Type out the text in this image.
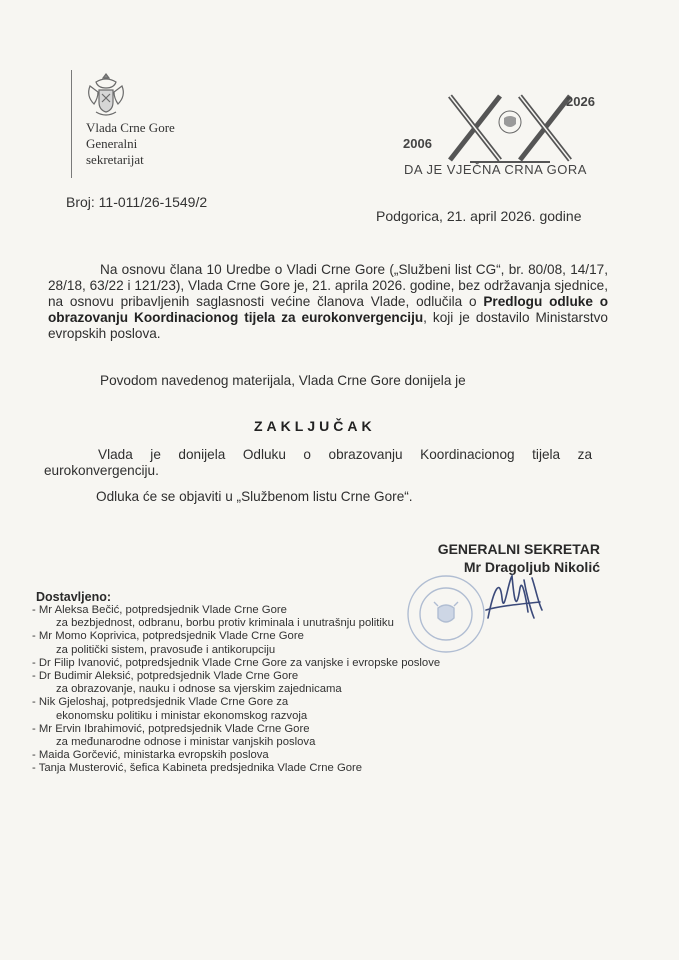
Vlada Crne Gore
Generalni
sekretarijat
2026
2006
DA JE VJEČNA CRNA GORA
Broj: 11-011/26-1549/2
Podgorica, 21. april 2026. godine
Na osnovu člana 10 Uredbe o Vladi Crne Gore („Službeni list CG“, br. 80/08, 14/17, 28/18, 63/22 i 121/23), Vlada Crne Gore je, 21. aprila 2026. godine, bez održavanja sjednice, na osnovu pribavljenih saglasnosti većine članova Vlade, odlučila o Predlogu odluke o obrazovanju Koordinacionog tijela za eurokonvergenciju, koji je dostavilo Ministarstvo evropskih poslova.
Povodom navedenog materijala, Vlada Crne Gore donijela je
ZAKLJUČAK
Vlada je donijela Odluku o obrazovanju Koordinacionog tijela za eurokonvergenciju.
Odluka će se objaviti u „Službenom listu Crne Gore“.
GENERALNI SEKRETAR
Mr Dragoljub Nikolić
Dostavljeno:
- Mr Aleksa Bečić, potpredsjednik Vlade Crne Gore
za bezbjednost, odbranu, borbu protiv kriminala i unutrašnju politiku
- Mr Momo Koprivica, potpredsjednik Vlade Crne Gore
za politički sistem, pravosuđe i antikorupciju
- Dr Filip Ivanović, potpredsjednik Vlade Crne Gore za vanjske i evropske poslove
- Dr Budimir Aleksić, potpredsjednik Vlade Crne Gore
za obrazovanje, nauku i odnose sa vjerskim zajednicama
- Nik Gjeloshaj, potpredsjednik Vlade Crne Gore za
ekonomsku politiku i ministar ekonomskog razvoja
- Mr Ervin Ibrahimović, potpredsjednik Vlade Crne Gore
za međunarodne odnose i ministar vanjskih poslova
- Maida Gorčević, ministarka evropskih poslova
- Tanja Musterović, šefica Kabineta predsjednika Vlade Crne Gore
